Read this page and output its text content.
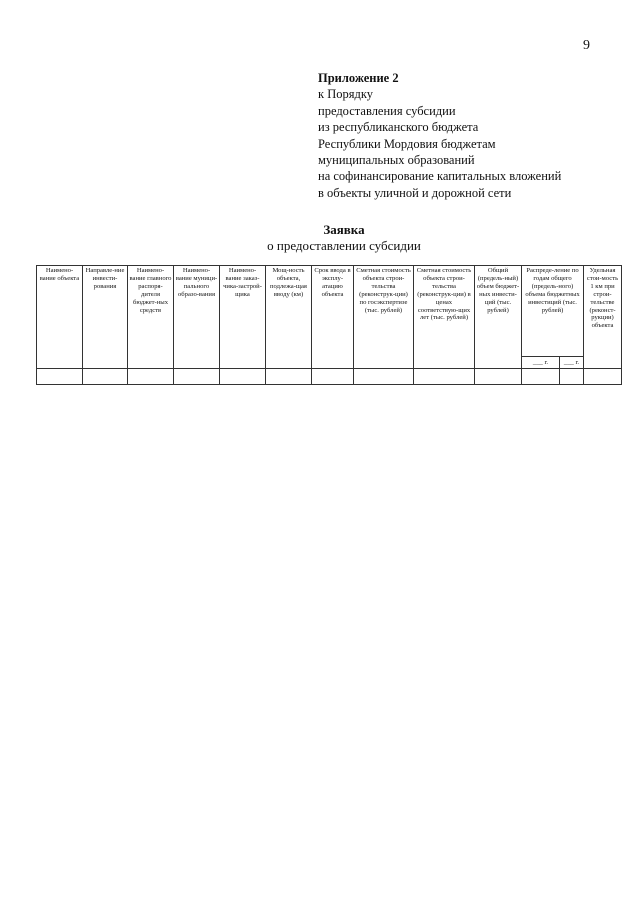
9
Приложение 2
к Порядку
предоставления субсидии
из республиканского бюджета
Республики Мордовия бюджетам
муниципальных образований
на софинансирование капитальных вложений
в объекты уличной и дорожной сети
Заявка
о предоставлении субсидии
Наимено-вание объекта	Направле-ние инвести-рования	Наимено-вание главного распоря-дителя бюджет-ных средств	Наимено-вание муници-пального образо-вания	Наимено-вание заказ-чика-застрой-щика	Мощ-ность объекта, подлежа-щая вводу (км)	Срок ввода в эксплу-атацию объекта	Сметная стоимость объекта строи-тельства (реконструк-ции) по госэкспертизе (тыс. рублей)	Сметная стоимость объекта строи-тельства (реконструк-ции) в ценах соответствую-щих лет (тыс. рублей)	Общий (предель-ный) объем бюджет-ных инвести-ций (тыс. рублей)	Распреде-ление по годам общего (предель-ного) объема бюджетных инвестиций (тыс. рублей)		Удельная стои-мость 1 км при строи-тельстве (реконст-рукции) объекта
										___ г.	___ г.	
